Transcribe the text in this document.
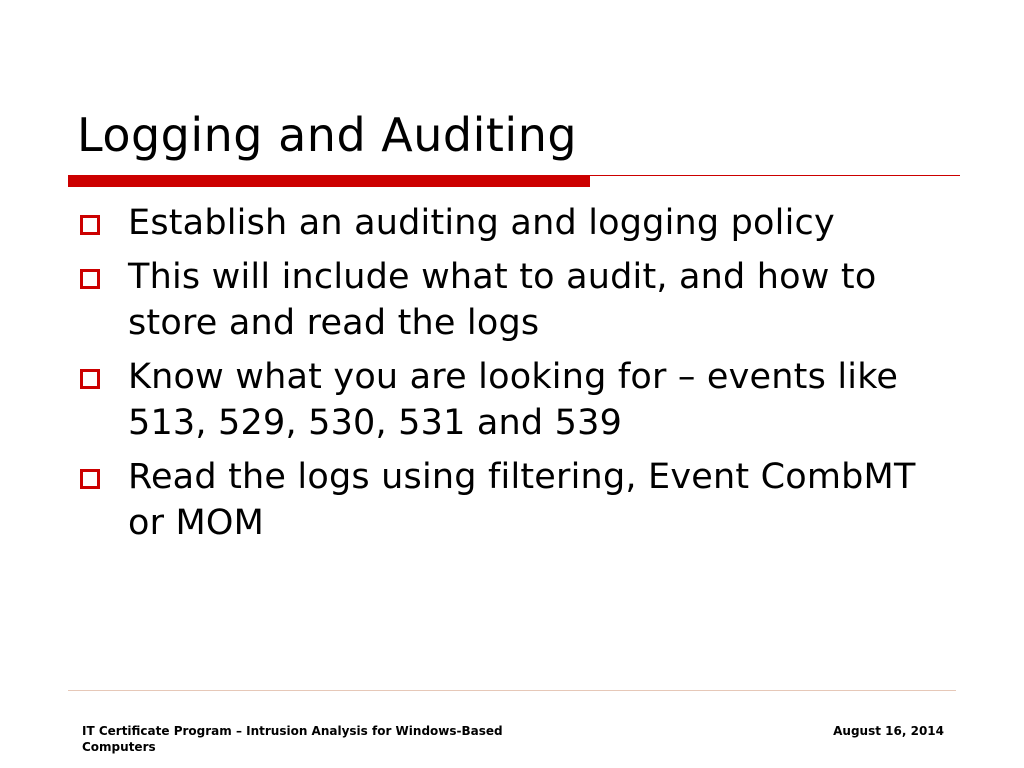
Logging and Auditing
Establish an auditing and logging policy
This will include what to audit, and how to store and read the logs
Know what you are looking for – events like 513, 529, 530, 531 and 539
Read the logs using filtering, Event CombMT or MOM
IT Certificate Program – Intrusion Analysis for Windows-Based Computers
August 16, 2014
